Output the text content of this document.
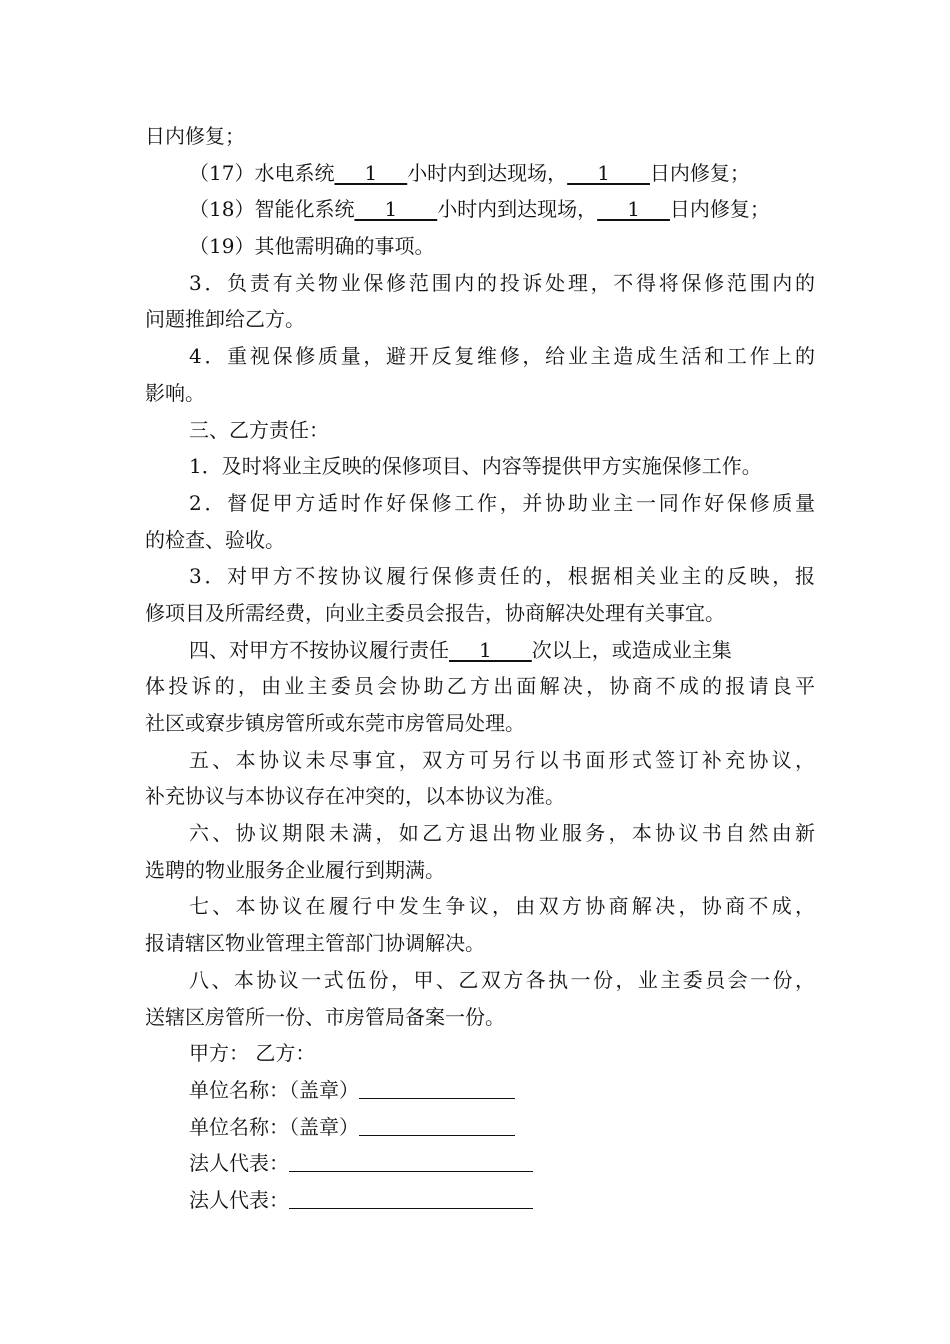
日内修复；
（17）水电系统___1___小时内到达现场，___1____日内修复；
（18）智能化系统___1____小时内到达现场，___1___日内修复；
（19）其他需明确的事项。
3．负责有关物业保修范围内的投诉处理，不得将保修范围内的
问题推卸给乙方。
4．重视保修质量，避开反复维修，给业主造成生活和工作上的
影响。
三、乙方责任：
1．及时将业主反映的保修项目、内容等提供甲方实施保修工作。
2．督促甲方适时作好保修工作，并协助业主一同作好保修质量
的检查、验收。
3．对甲方不按协议履行保修责任的，根据相关业主的反映，报
修项目及所需经费，向业主委员会报告，协商解决处理有关事宜。
四、对甲方不按协议履行责任___1____次以上，或造成业主集
体投诉的，由业主委员会协助乙方出面解决，协商不成的报请良平
社区或寮步镇房管所或东莞市房管局处理。
五、本协议未尽事宜，双方可另行以书面形式签订补充协议，
补充协议与本协议存在冲突的，以本协议为准。
六、协议期限未满，如乙方退出物业服务，本协议书自然由新
选聘的物业服务企业履行到期满。
七、本协议在履行中发生争议，由双方协商解决，协商不成，
报请辖区物业管理主管部门协调解决。
八、本协议一式伍份，甲、乙双方各执一份，业主委员会一份，
送辖区房管所一份、市房管局备案一份。
甲方： 乙方：
单位名称：（盖章）
单位名称：（盖章）
法人代表：
法人代表：
